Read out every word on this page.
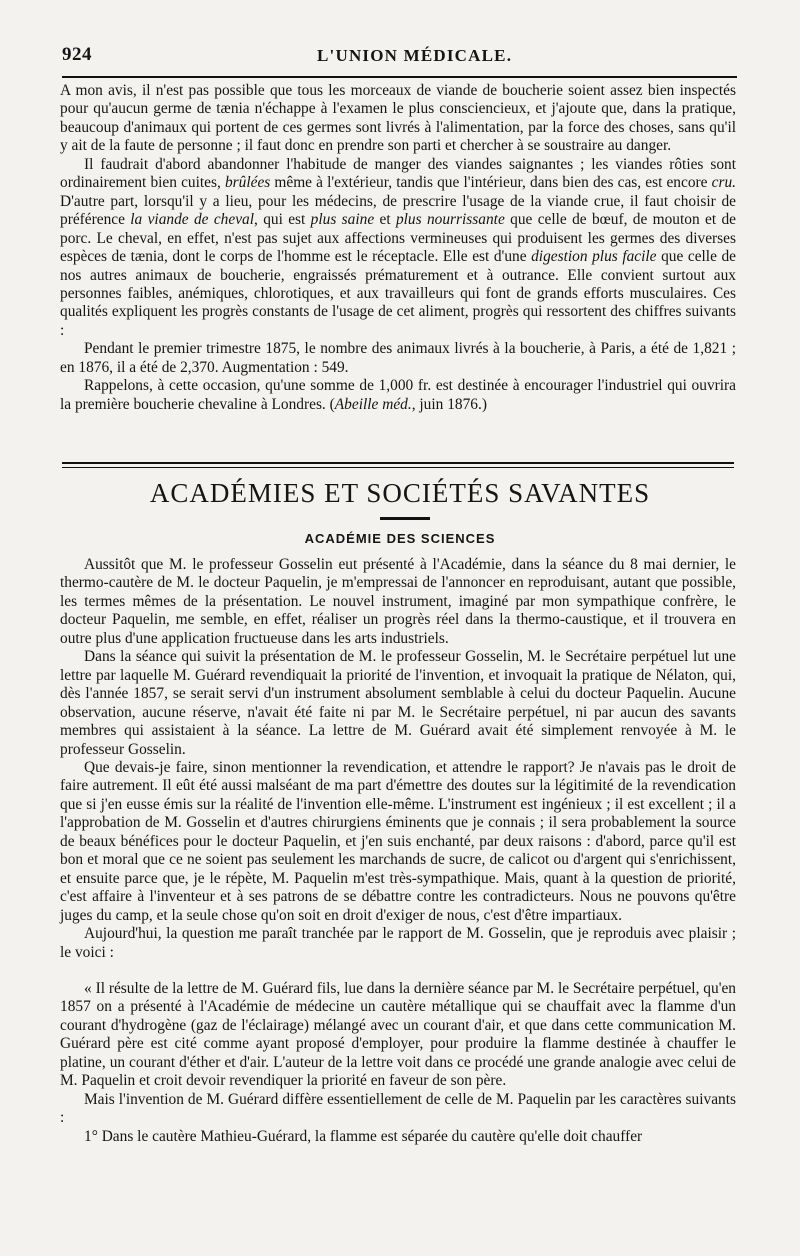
924	L'UNION MÉDICALE.

A mon avis, il n'est pas possible que tous les morceaux de viande de boucherie soient assez bien inspectés pour qu'aucun germe de tænia n'échappe à l'examen le plus consciencieux, et j'ajoute que, dans la pratique, beaucoup d'animaux qui portent de ces germes sont livrés à l'alimentation, par la force des choses, sans qu'il y ait de la faute de personne ; il faut donc en prendre son parti et chercher à se soustraire au danger.

Il faudrait d'abord abandonner l'habitude de manger des viandes saignantes ; les viandes rôties sont ordinairement bien cuites, brûlées même à l'extérieur, tandis que l'intérieur, dans bien des cas, est encore cru. D'autre part, lorsqu'il y a lieu, pour les médecins, de prescrire l'usage de la viande crue, il faut choisir de préférence la viande de cheval, qui est plus saine et plus nourrissante que celle de bœuf, de mouton et de porc. Le cheval, en effet, n'est pas sujet aux affections vermineuses qui produisent les germes des diverses espèces de tænia, dont le corps de l'homme est le réceptacle. Elle est d'une digestion plus facile que celle de nos autres animaux de boucherie, engraissés prématurement et à outrance. Elle convient surtout aux personnes faibles, anémiques, chlorotiques, et aux travailleurs qui font de grands efforts musculaires. Ces qualités expliquent les progrès constants de l'usage de cet aliment, progrès qui ressortent des chiffres suivants :

Pendant le premier trimestre 1875, le nombre des animaux livrés à la boucherie, à Paris, a été de 1,821 ; en 1876, il a été de 2,370. Augmentation : 549.

Rappelons, à cette occasion, qu'une somme de 1,000 fr. est destinée à encourager l'industriel qui ouvrira la première boucherie chevaline à Londres. (Abeille méd., juin 1876.)

ACADÉMIES ET SOCIÉTÉS SAVANTES
ACADÉMIE DES SCIENCES

Aussitôt que M. le professeur Gosselin eut présenté à l'Académie, dans la séance du 8 mai dernier, le thermo-cautère de M. le docteur Paquelin, je m'empressai de l'annoncer en reproduisant, autant que possible, les termes mêmes de la présentation. Le nouvel instrument, imaginé par mon sympathique confrère, le docteur Paquelin, me semble, en effet, réaliser un progrès réel dans la thermo-caustique, et il trouvera en outre plus d'une application fructueuse dans les arts industriels.

Dans la séance qui suivit la présentation de M. le professeur Gosselin, M. le Secrétaire perpétuel lut une lettre par laquelle M. Guérard revendiquait la priorité de l'invention, et invoquait la pratique de Nélaton, qui, dès l'année 1857, se serait servi d'un instrument absolument semblable à celui du docteur Paquelin. Aucune observation, aucune réserve, n'avait été faite ni par M. le Secrétaire perpétuel, ni par aucun des savants membres qui assistaient à la séance. La lettre de M. Guérard avait été simplement renvoyée à M. le professeur Gosselin.

Que devais-je faire, sinon mentionner la revendication, et attendre le rapport? Je n'avais pas le droit de faire autrement. Il eût été aussi malséant de ma part d'émettre des doutes sur la légitimité de la revendication que si j'en eusse émis sur la réalité de l'invention elle-même. L'instrument est ingénieux ; il est excellent ; il a l'approbation de M. Gosselin et d'autres chirurgiens éminents que je connais ; il sera probablement la source de beaux bénéfices pour le docteur Paquelin, et j'en suis enchanté, par deux raisons : d'abord, parce qu'il est bon et moral que ce ne soient pas seulement les marchands de sucre, de calicot ou d'argent qui s'enrichissent, et ensuite parce que, je le répète, M. Paquelin m'est très-sympathique. Mais, quant à la question de priorité, c'est affaire à l'inventeur et à ses patrons de se débattre contre les contradicteurs. Nous ne pouvons qu'être juges du camp, et la seule chose qu'on soit en droit d'exiger de nous, c'est d'être impartiaux.

Aujourd'hui, la question me paraît tranchée par le rapport de M. Gosselin, que je reproduis avec plaisir ; le voici :

« Il résulte de la lettre de M. Guérard fils, lue dans la dernière séance par M. le Secrétaire perpétuel, qu'en 1857 on a présenté à l'Académie de médecine un cautère métallique qui se chauffait avec la flamme d'un courant d'hydrogène (gaz de l'éclairage) mélangé avec un courant d'air, et que dans cette communication M. Guérard père est cité comme ayant proposé d'employer, pour produire la flamme destinée à chauffer le platine, un courant d'éther et d'air. L'auteur de la lettre voit dans ce procédé une grande analogie avec celui de M. Paquelin et croit devoir revendiquer la priorité en faveur de son père.

Mais l'invention de M. Guérard diffère essentiellement de celle de M. Paquelin par les caractères suivants :

1° Dans le cautère Mathieu-Guérard, la flamme est séparée du cautère qu'elle doit chauffer
